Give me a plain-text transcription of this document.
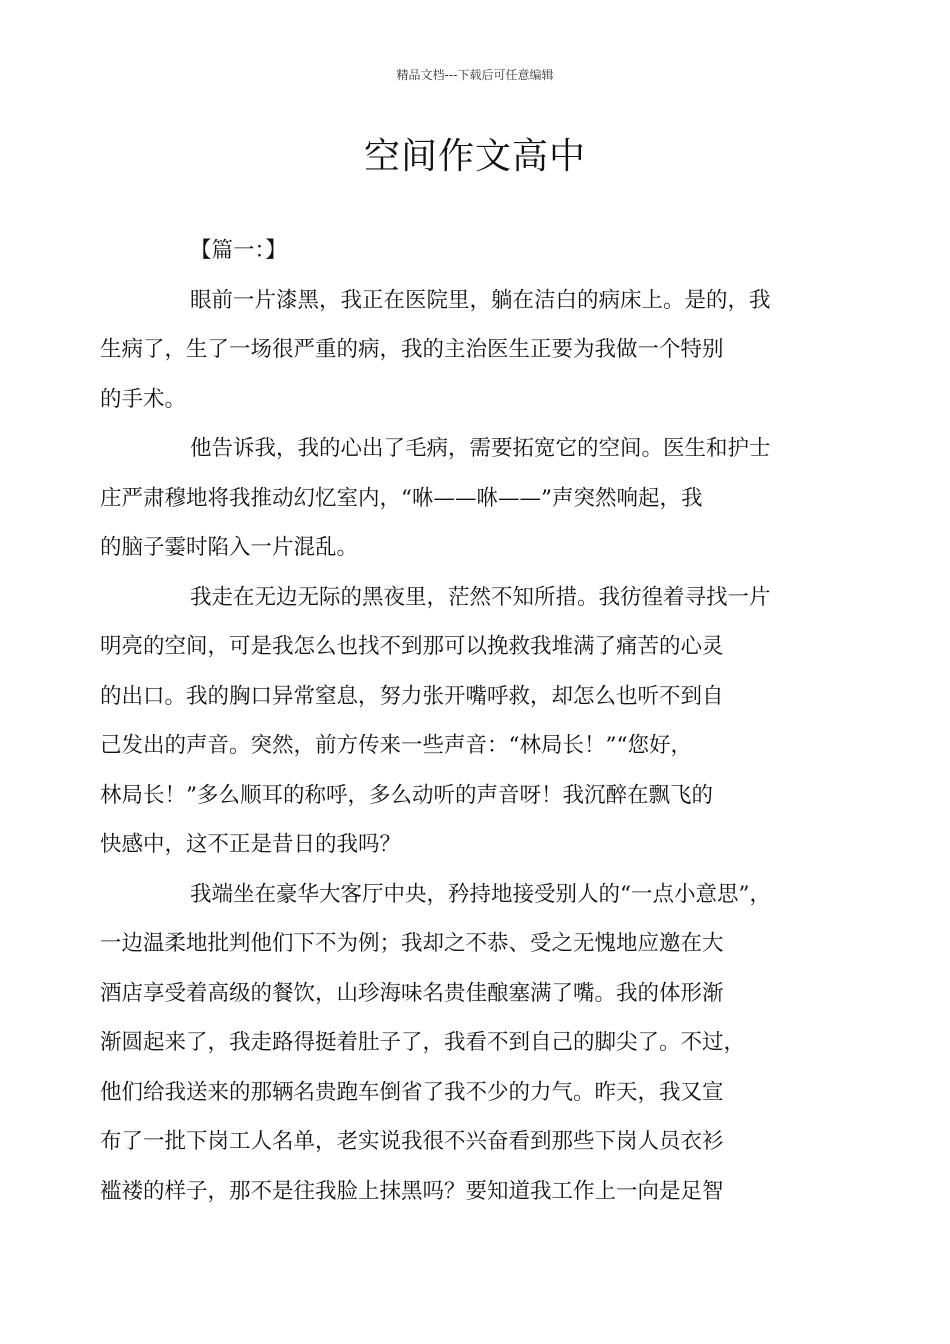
精品文档---下载后可任意编辑
空间作文高中
【篇一：】

眼前一片漆黑，我正在医院里，躺在洁白的病床上。是的，我
生病了，生了一场很严重的病，我的主治医生正要为我做一个特别
的手术。

他告诉我，我的心出了毛病，需要拓宽它的空间。医生和护士
庄严肃穆地将我推动幻忆室内，“咻——咻——”声突然响起，我
的脑子霎时陷入一片混乱。

我走在无边无际的黑夜里，茫然不知所措。我彷徨着寻找一片
明亮的空间，可是我怎么也找不到那可以挽救我堆满了痛苦的心灵
的出口。我的胸口异常窒息，努力张开嘴呼救，却怎么也听不到自
己发出的声音。突然，前方传来一些声音：“林局长！”“您好，
林局长！”多么顺耳的称呼，多么动听的声音呀！我沉醉在飘飞的
快感中，这不正是昔日的我吗？

我端坐在豪华大客厅中央，矜持地接受别人的“一点小意思”，
一边温柔地批判他们下不为例；我却之不恭、受之无愧地应邀在大
酒店享受着高级的餐饮，山珍海味名贵佳酿塞满了嘴。我的体形渐
渐圆起来了，我走路得挺着肚子了，我看不到自己的脚尖了。不过，
他们给我送来的那辆名贵跑车倒省了我不少的力气。昨天，我又宣
布了一批下岗工人名单，老实说我很不兴奋看到那些下岗人员衣衫
褴褛的样子，那不是往我脸上抹黑吗？要知道我工作上一向是足智
